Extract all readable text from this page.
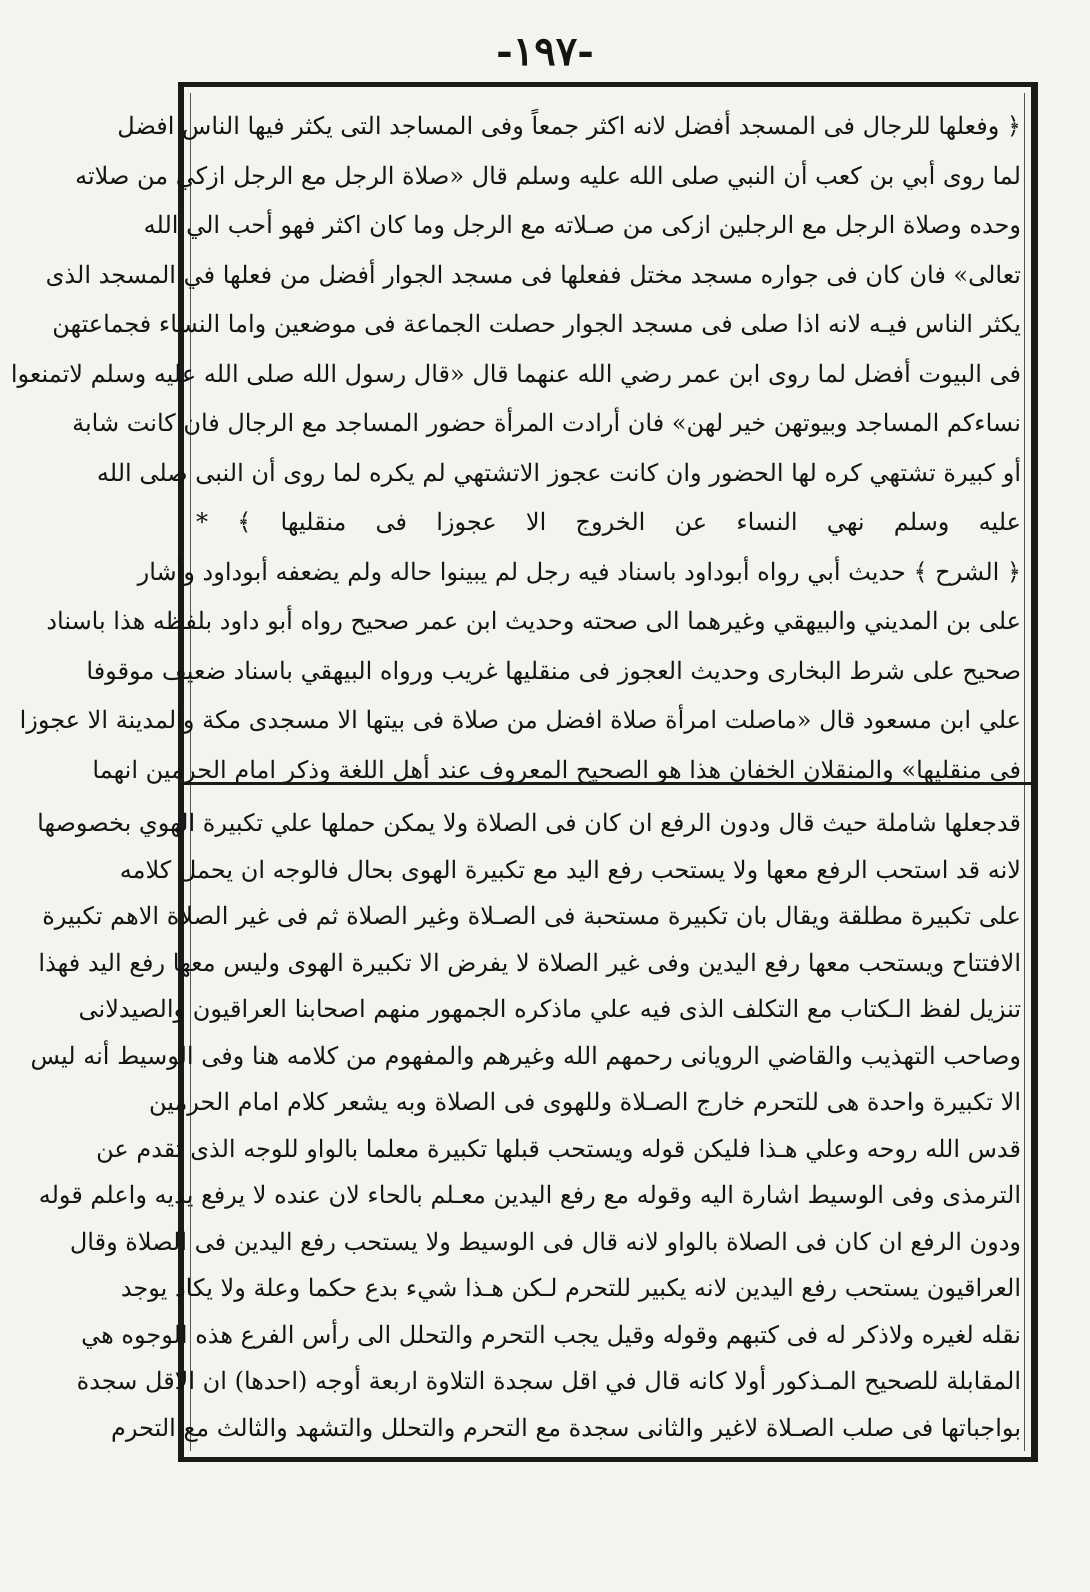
-١٩٧-
﴿ وفعلها للرجال فى المسجد أفضل لانه اكثر جمعاً وفى المساجد التى يكثر فيها الناس افضل
لما روى أبي بن كعب أن النبي صلى الله عليه وسلم قال «صلاة الرجل مع الرجل ازكي من صلاته
وحده وصلاة الرجل مع الرجلين ازكى من صـلاته مع الرجل وما كان اكثر فهو أحب الي الله
تعالى» فان كان فى جواره مسجد مختل ففعلها فى مسجد الجوار أفضل من فعلها في المسجد الذى
يكثر الناس فيـه لانه اذا صلى فى مسجد الجوار حصلت الجماعة فى موضعين واما النساء فجماعتهن
فى البيوت أفضل لما روى ابن عمر رضي الله عنهما قال «قال رسول الله صلى الله عليه وسلم لاتمنعوا
نساءكم المساجد وبيوتهن خير لهن» فان أرادت المرأة حضور المساجد مع الرجال فان كانت شابة
أو كبيرة تشتهي كره لها الحضور وان كانت عجوز الاتشتهي لم يكره لما روى أن النبى صلى الله
عليه وسلم نهي النساء عن الخروج الا عجوزا فى منقليها ﴾ *
﴿ الشرح ﴾ حديث أبي رواه أبوداود باسناد فيه رجل لم يبينوا حاله ولم يضعفه أبوداود وأشار
على بن المديني والبيهقي وغيرهما الى صحته وحديث ابن عمر صحيح رواه أبو داود بلفظه هذا باسناد
صحيح على شرط البخارى وحديث العجوز فى منقليها غريب ورواه البيهقي باسناد ضعيف موقوفا
علي ابن مسعود قال «ماصلت امرأة صلاة افضل من صلاة فى بيتها الا مسجدى مكة والمدينة الا عجوزا
في منقليها» والمنقلان الخفان هذا هو الصحيح المعروف عند أهل اللغة وذكر امام الحرمين انهما
قدجعلها شاملة حيث قال ودون الرفع ان كان فى الصلاة ولا يمكن حملها علي تكبيرة الهوي بخصوصها
لانه قد استحب الرفع معها ولا يستحب رفع اليد مع تكبيرة الهوى بحال فالوجه ان يحمل كلامه
على تكبيرة مطلقة ويقال بان تكبيرة مستحبة فى الصـلاة وغير الصلاة ثم فى غير الصلاة الاهم تكبيرة
الافتتاح ويستحب معها رفع اليدين وفى غير الصلاة لا يفرض الا تكبيرة الهوى وليس معها رفع اليد فهذا
تنزيل لفظ الـكتاب مع التكلف الذى فيه علي ماذكره الجمهور منهم اصحابنا العراقيون والصيدلانى
وصاحب التهذيب والقاضي الرويانى رحمهم الله وغيرهم والمفهوم من كلامه هنا وفى الوسيط أنه ليس
الا تكبيرة واحدة هى للتحرم خارج الصـلاة وللهوى فى الصلاة وبه يشعر كلام امام الحرمين
قدس الله روحه وعلي هـذا فليكن قوله ويستحب قبلها تكبيرة معلما بالواو للوجه الذى تقدم عن
الترمذى وفى الوسيط اشارة اليه وقوله مع رفع اليدين معـلم بالحاء لان عنده لا يرفع يديه واعلم قوله
ودون الرفع ان كان فى الصلاة بالواو لانه قال فى الوسيط ولا يستحب رفع اليدين فى الصلاة وقال
العراقيون يستحب رفع اليدين لانه يكبير للتحرم لـكن هـذا شيء بدع حكما وعلة ولا يكاد يوجد
نقله لغيره ولاذكر له فى كتبهم وقوله وقيل يجب التحرم والتحلل الى رأس الفرع هذه الوجوه هي
المقابلة للصحيح المـذكور أولا كانه قال في اقل سجدة التلاوة اربعة أوجه (احدها) ان الاقل سجدة
بواجباتها فى صلب الصـلاة لاغير والثانى سجدة مع التحرم والتحلل والتشهد والثالث مع التحرم
